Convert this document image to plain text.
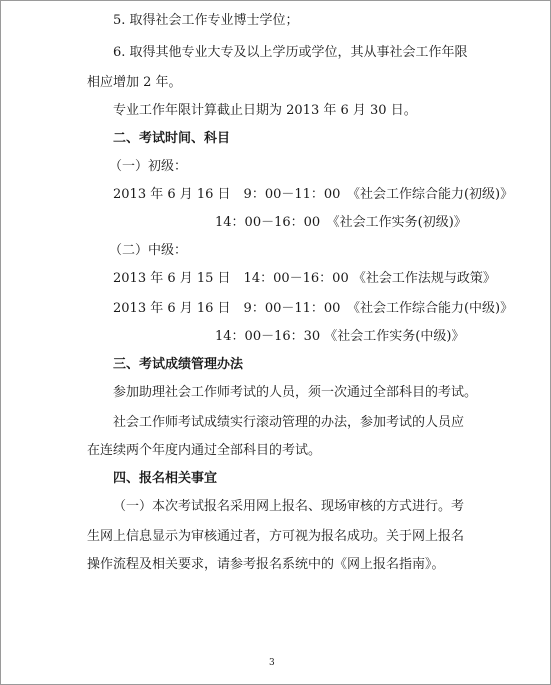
5. 取得社会工作专业博士学位；
6. 取得其他专业大专及以上学历或学位，其从事社会工作年限
相应增加 2 年。
专业工作年限计算截止日期为 2013 年 6 月 30 日。
二、考试时间、科目
（一）初级：
2013 年 6 月 16 日　9：00－11：00　《社会工作综合能力(初级)》
14：00－16：00　《社会工作实务(初级)》
（二）中级：
2013 年 6 月 15 日　14：00－16：00 《社会工作法规与政策》
2013 年 6 月 16 日　9：00－11：00　《社会工作综合能力(中级)》
14：00－16：30 《社会工作实务(中级)》
三、考试成绩管理办法
参加助理社会工作师考试的人员，须一次通过全部科目的考试。
社会工作师考试成绩实行滚动管理的办法，参加考试的人员应
在连续两个年度内通过全部科目的考试。
四、报名相关事宜
（一）本次考试报名采用网上报名、现场审核的方式进行。考
生网上信息显示为审核通过者，方可视为报名成功。关于网上报名
操作流程及相关要求，请参考报名系统中的《网上报名指南》。
3
